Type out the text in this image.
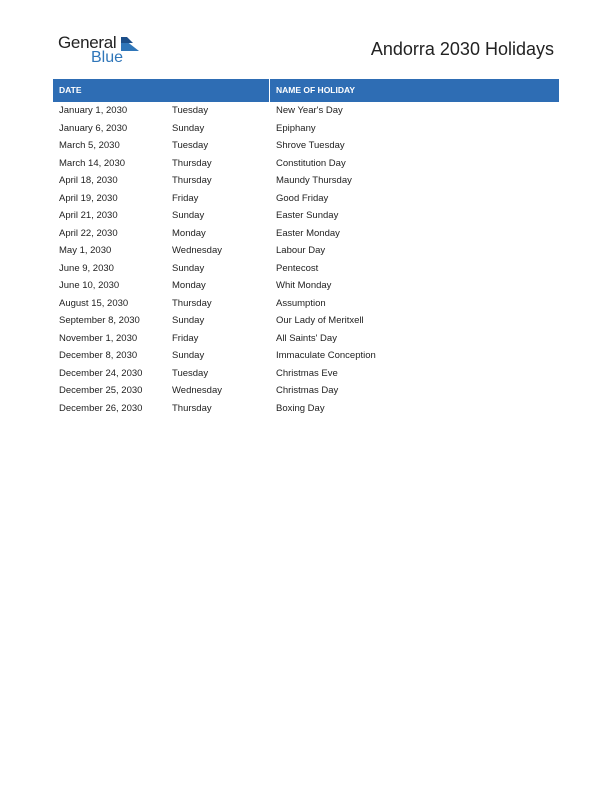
General
Blue	Andorra 2030 Holidays
DATE	NAME OF HOLIDAY
January 1, 2030	Tuesday	New Year's Day
January 6, 2030	Sunday	Epiphany
March 5, 2030	Tuesday	Shrove Tuesday
March 14, 2030	Thursday	Constitution Day
April 18, 2030	Thursday	Maundy Thursday
April 19, 2030	Friday	Good Friday
April 21, 2030	Sunday	Easter Sunday
April 22, 2030	Monday	Easter Monday
May 1, 2030	Wednesday	Labour Day
June 9, 2030	Sunday	Pentecost
June 10, 2030	Monday	Whit Monday
August 15, 2030	Thursday	Assumption
September 8, 2030	Sunday	Our Lady of Meritxell
November 1, 2030	Friday	All Saints' Day
December 8, 2030	Sunday	Immaculate Conception
December 24, 2030	Tuesday	Christmas Eve
December 25, 2030	Wednesday	Christmas Day
December 26, 2030	Thursday	Boxing Day
